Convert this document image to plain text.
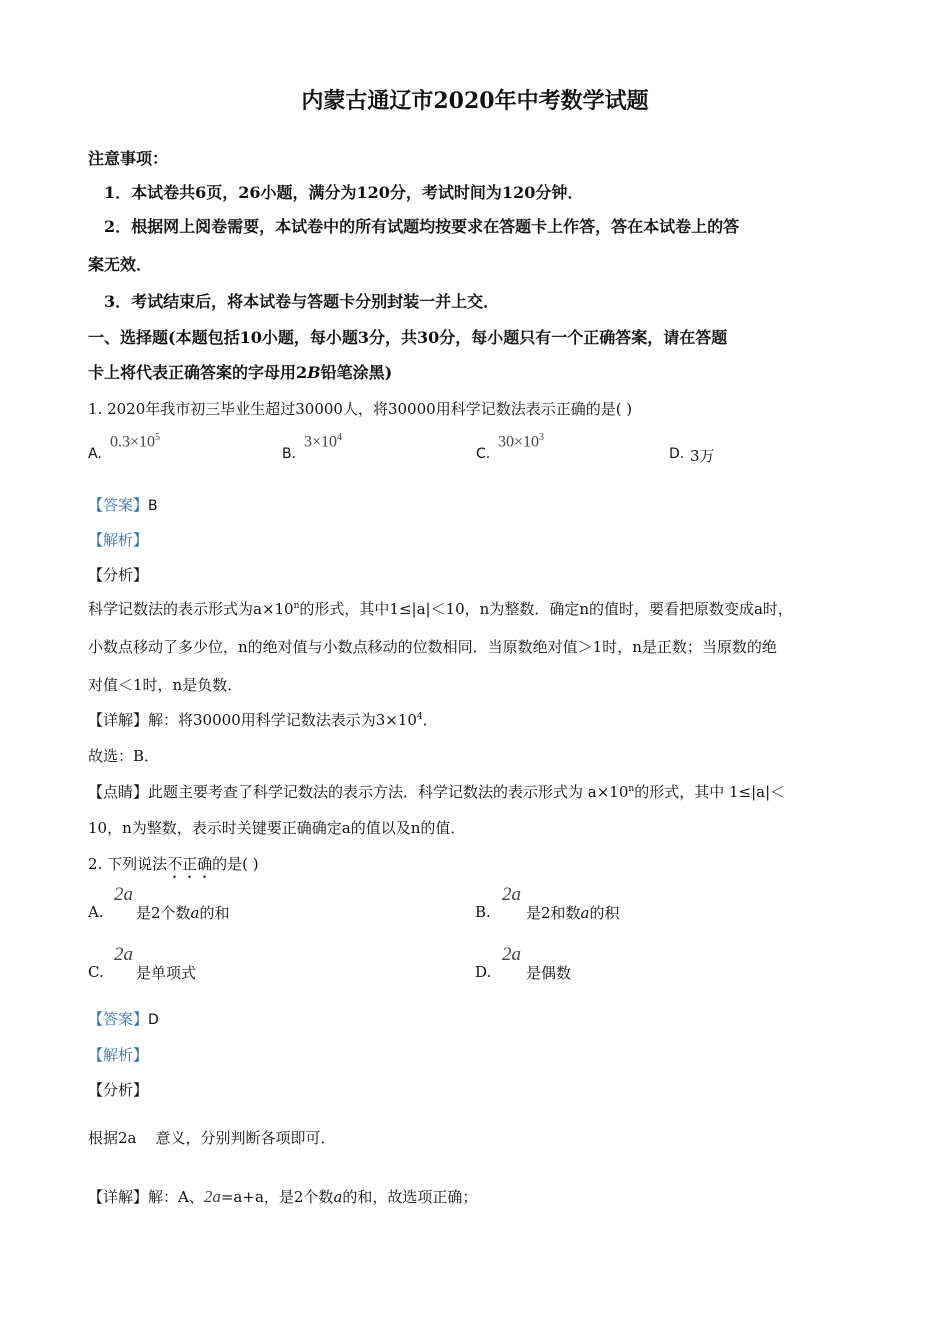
内蒙古通辽市2020年中考数学试题
注意事项：
1．本试卷共6页，26小题，满分为120分，考试时间为120分钟．
2．根据网上阅卷需要，本试卷中的所有试题均按要求在答题卡上作答，答在本试卷上的答
案无效．
3．考试结束后，将本试卷与答题卡分别封装一并上交．
一、选择题(本题包括10小题，每小题3分，共30分，每小题只有一个正确答案，请在答题
卡上将代表正确答案的字母用2B铅笔涂黑)
1. 2020年我市初三毕业生超过30000人，将30000用科学记数法表示正确的是( )
A.
$0.3\times 10^5$
B.
$3\times 10^4$
C.
$30\times 10^3$
D. 3万
【答案】B
【解析】
【分析】
科学记数法的表示形式为$a\times 10^n$的形式，其中1≤|a|＜10，n为整数．确定n的值时，要看把原数变成a时，
小数点移动了多少位，n的绝对值与小数点移动的位数相同．当原数绝对值＞1时，n是正数；当原数的绝
对值＜1时，n是负数．
【详解】解：将30000用科学记数法表示为$3\times 10^4$．
故选：B．
【点睛】此题主要考查了科学记数法的表示方法．科学记数法的表示形式为 $a\times 10^n$的形式，其中 1≤|a|＜
10，n为整数，表示时关键要正确确定a的值以及n的值．
2. 下列说法不正确的是( )
A.
2a
是2个数a的和	B.
2a
是2和数a的积
C.
2a
是单项式	D.
2a
是偶数
【答案】D
【解析】
【分析】
根据2a    意义，分别判断各项即可．
【详解】解：A、2a=a+a，是2个数a的和，故选项正确；
